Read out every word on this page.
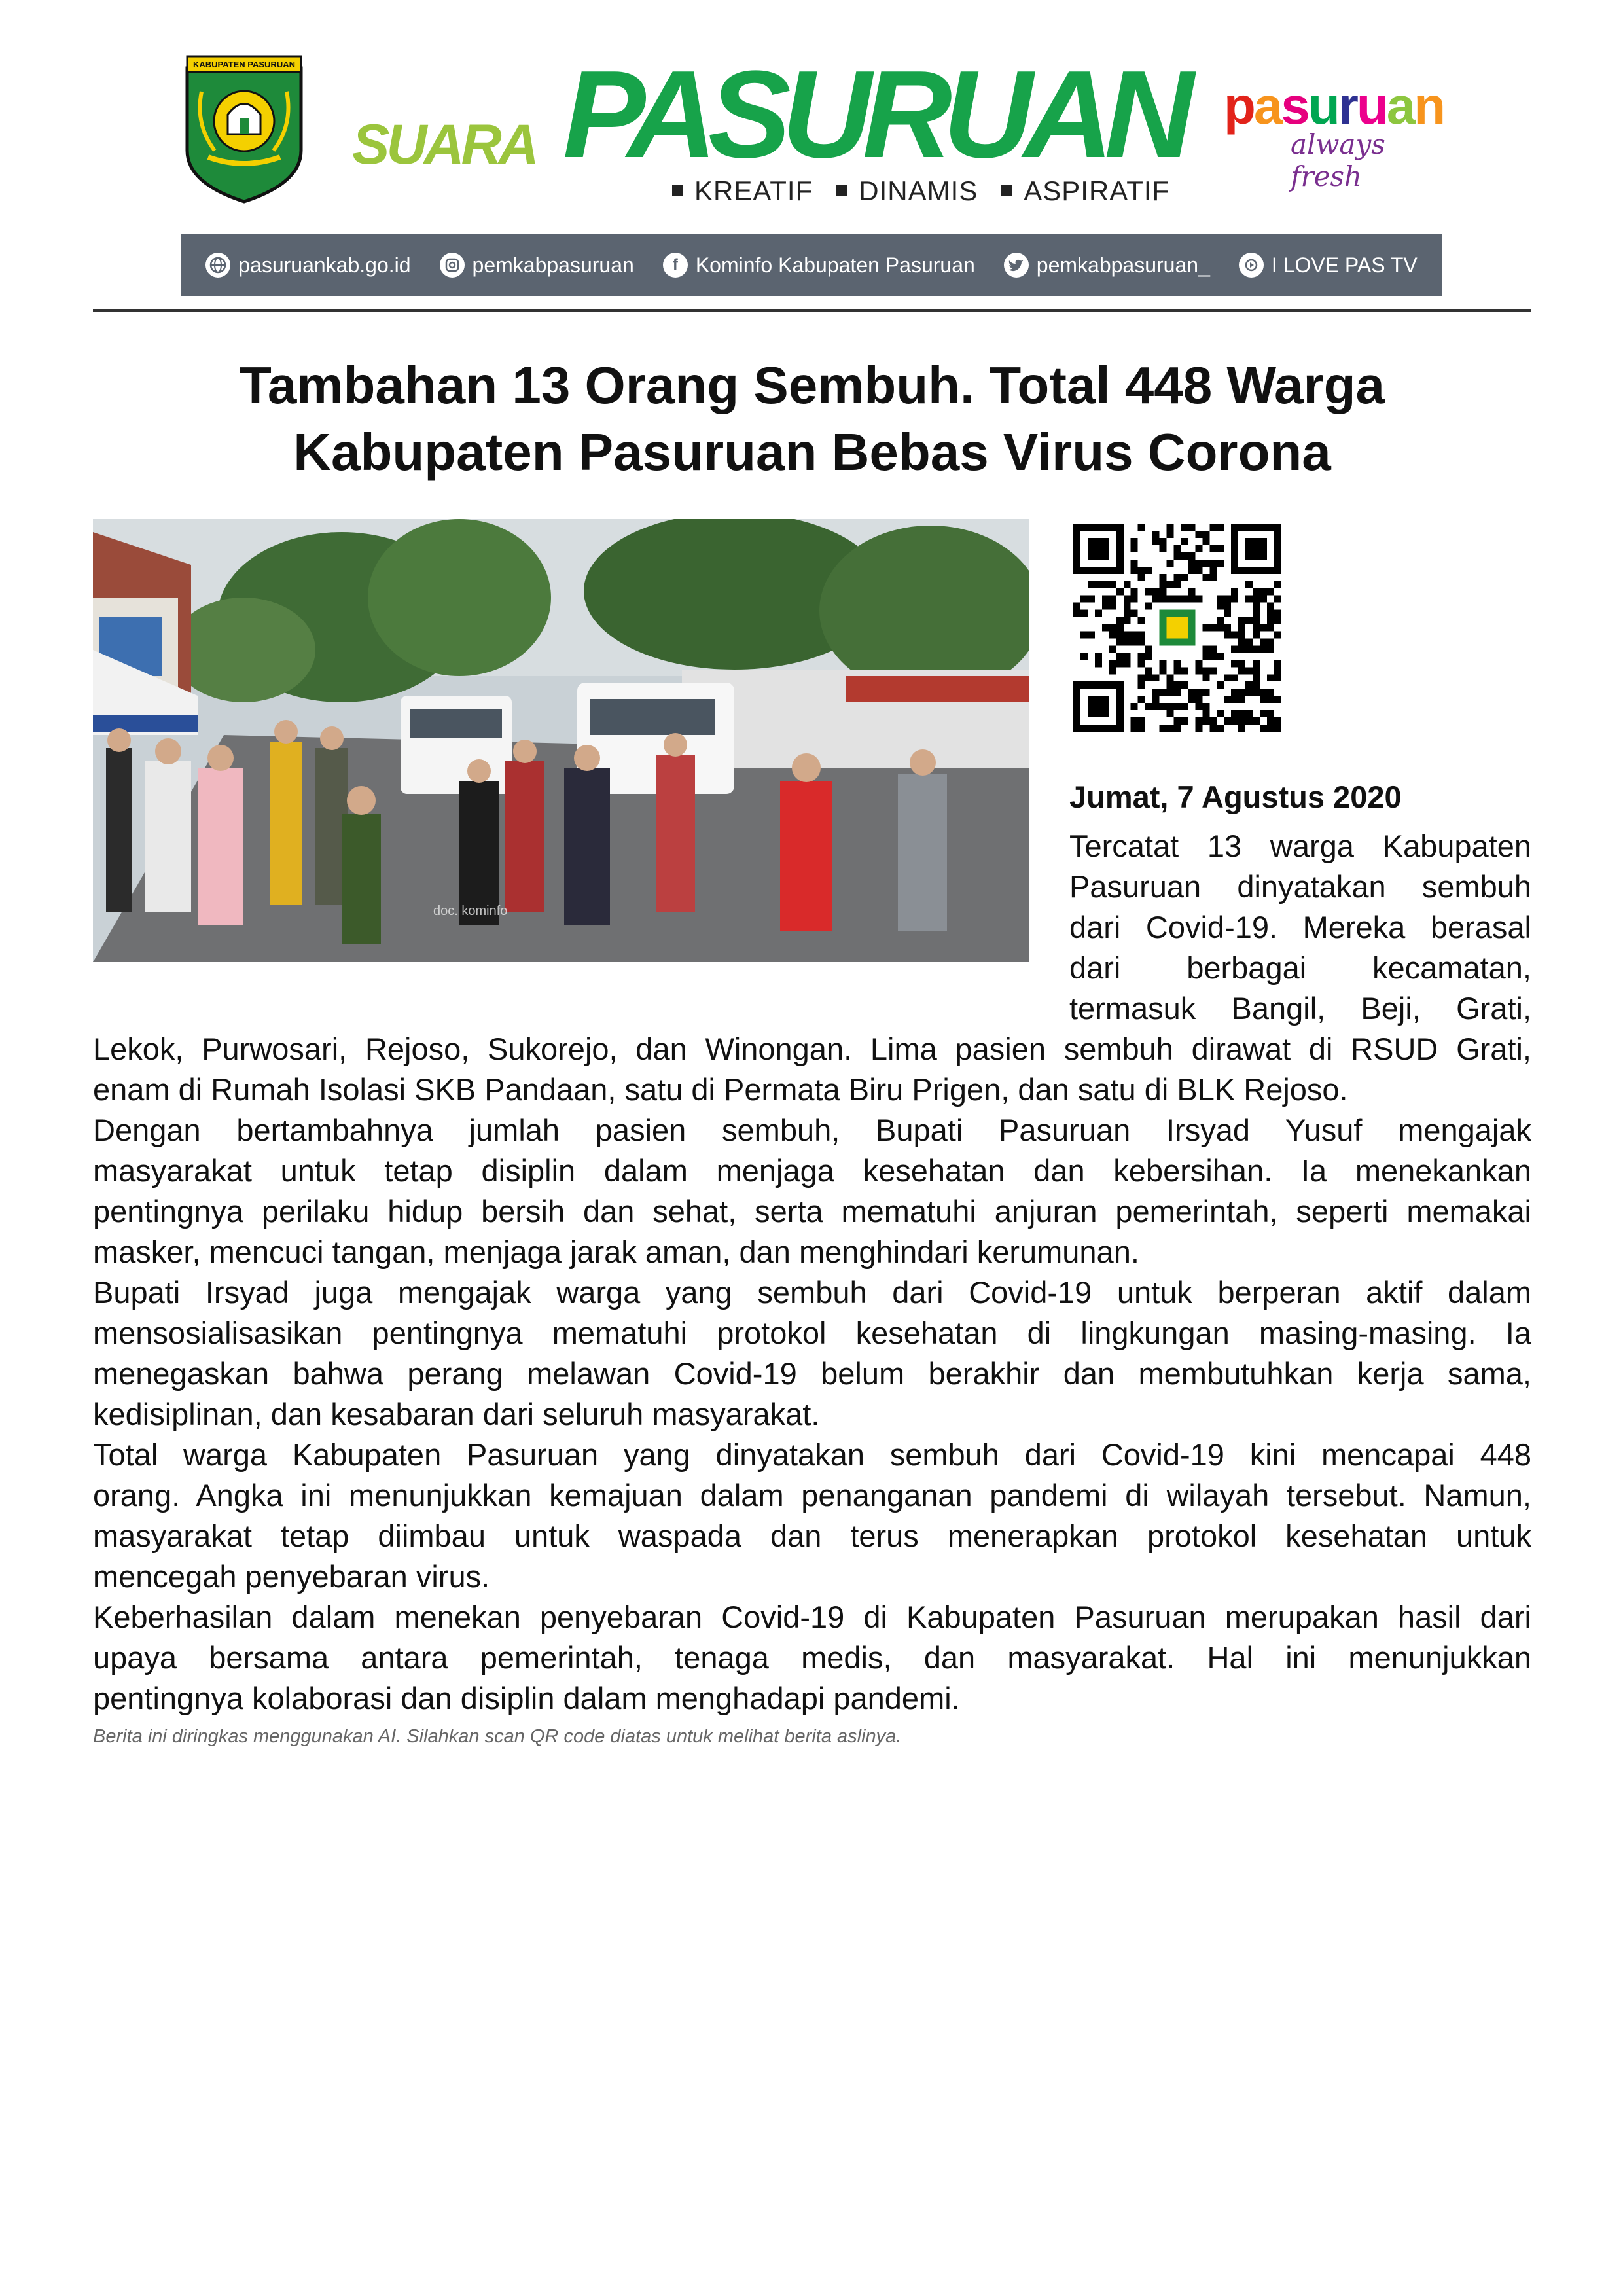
KABUPATEN PASURUAN
SUARA PASURUAN
KREATIF	DINAMIS	ASPIRATIF
pasuruan
always fresh
pasuruankab.go.id	pemkabpasuruan	f Kominfo Kabupaten Pasuruan	pemkabpasuruan_	I LOVE PAS TV
Tambahan 13 Orang Sembuh. Total 448 Warga
Kabupaten Pasuruan Bebas Virus Corona
doc. kominfo
Jumat, 7 Agustus 2020
Tercatat 13 warga Kabupaten
Pasuruan dinyatakan sembuh
dari Covid-19. Mereka berasal
dari berbagai kecamatan,
termasuk Bangil, Beji, Grati,
Lekok, Purwosari, Rejoso, Sukorejo, dan Winongan. Lima pasien sembuh dirawat di RSUD Grati,
enam di Rumah Isolasi SKB Pandaan, satu di Permata Biru Prigen, dan satu di BLK Rejoso.
Dengan bertambahnya jumlah pasien sembuh, Bupati Pasuruan Irsyad Yusuf mengajak
masyarakat untuk tetap disiplin dalam menjaga kesehatan dan kebersihan. Ia menekankan
pentingnya perilaku hidup bersih dan sehat, serta mematuhi anjuran pemerintah, seperti memakai
masker, mencuci tangan, menjaga jarak aman, dan menghindari kerumunan.
Bupati Irsyad juga mengajak warga yang sembuh dari Covid-19 untuk berperan aktif dalam
mensosialisasikan pentingnya mematuhi protokol kesehatan di lingkungan masing-masing. Ia
menegaskan bahwa perang melawan Covid-19 belum berakhir dan membutuhkan kerja sama,
kedisiplinan, dan kesabaran dari seluruh masyarakat.
Total warga Kabupaten Pasuruan yang dinyatakan sembuh dari Covid-19 kini mencapai 448
orang. Angka ini menunjukkan kemajuan dalam penanganan pandemi di wilayah tersebut. Namun,
masyarakat tetap diimbau untuk waspada dan terus menerapkan protokol kesehatan untuk
mencegah penyebaran virus.
Keberhasilan dalam menekan penyebaran Covid-19 di Kabupaten Pasuruan merupakan hasil dari
upaya bersama antara pemerintah, tenaga medis, dan masyarakat. Hal ini menunjukkan
pentingnya kolaborasi dan disiplin dalam menghadapi pandemi.
Berita ini diringkas menggunakan AI. Silahkan scan QR code diatas untuk melihat berita aslinya.
